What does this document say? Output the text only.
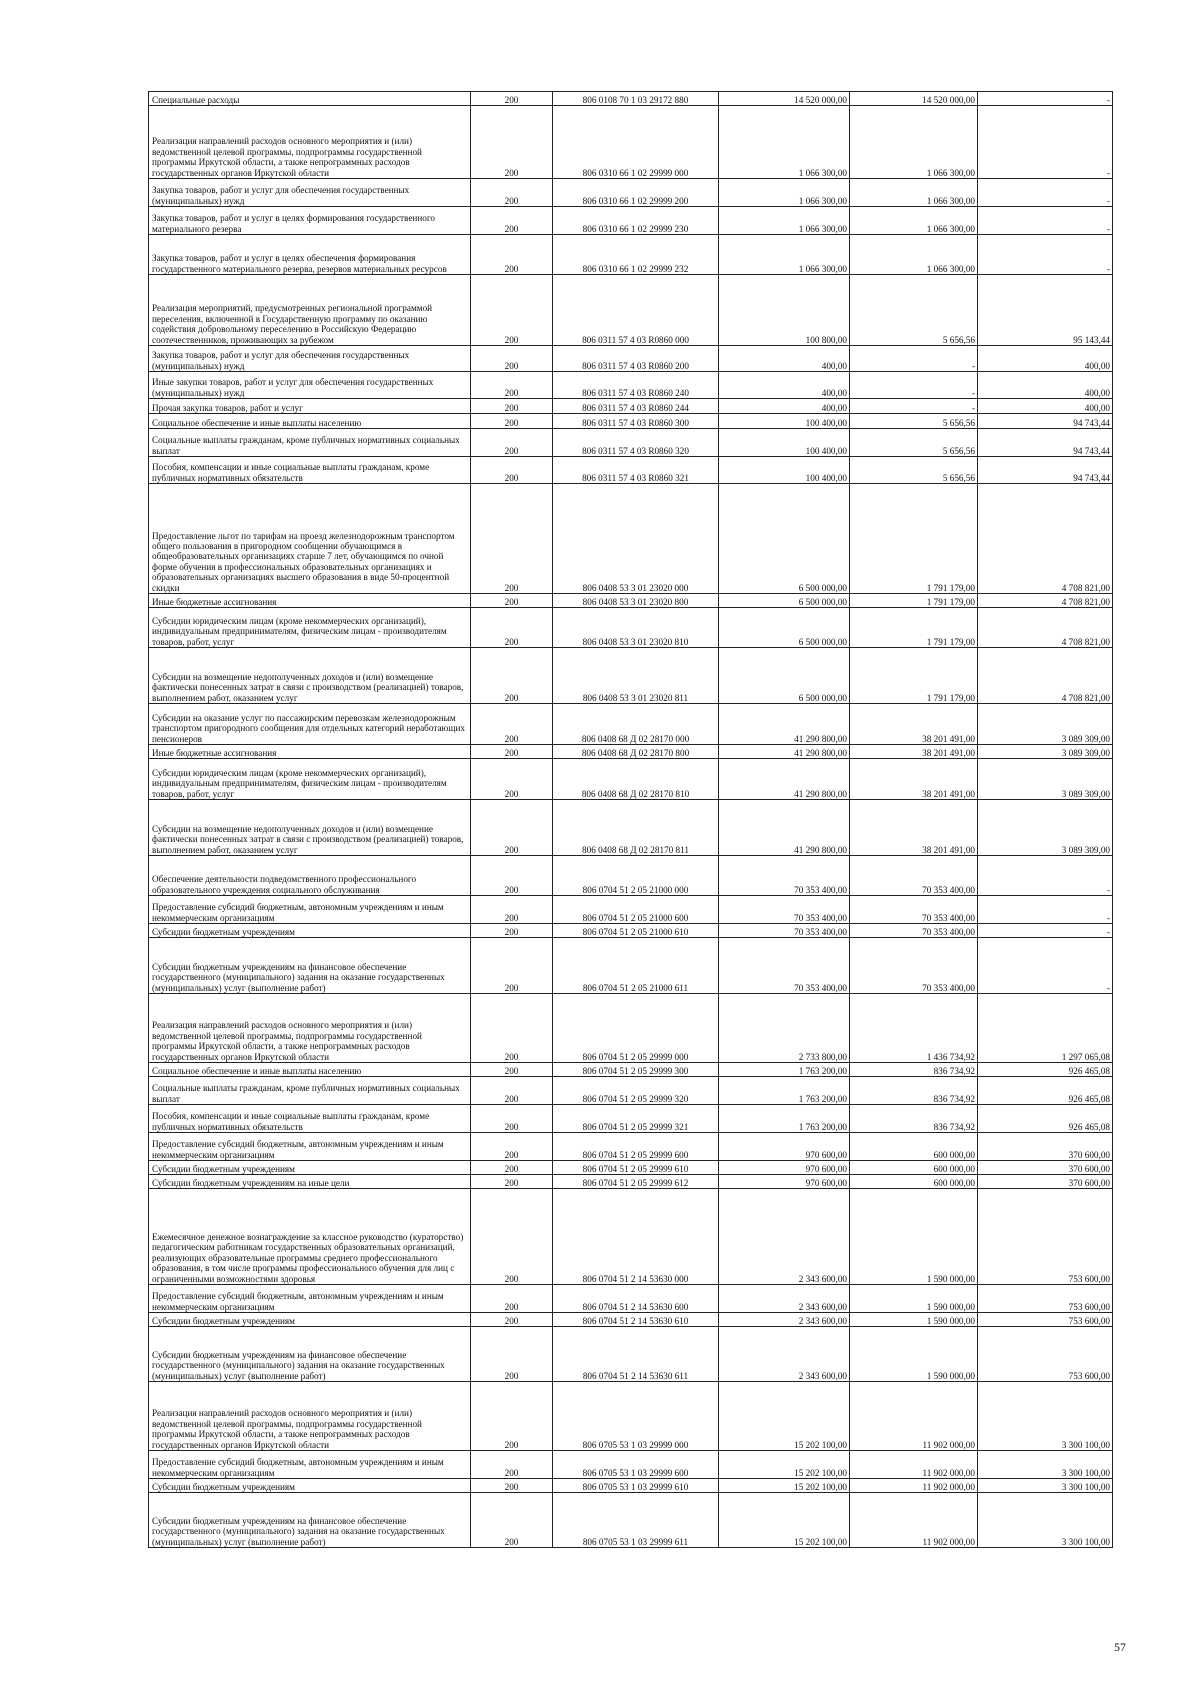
Специальные расходы	200	806 0108 70 1 03 29172 880	14 520 000,00	14 520 000,00	-
Реализация направлений расходов основного мероприятия и (или) ведомственной целевой программы, подпрограммы государственной программы Иркутской области, а также непрограммных расходов государственных органов Иркутской области	200	806 0310 66 1 02 29999 000	1 066 300,00	1 066 300,00	-
Закупка товаров, работ и услуг для обеспечения государственных (муниципальных) нужд	200	806 0310 66 1 02 29999 200	1 066 300,00	1 066 300,00	-
Закупка товаров, работ и услуг в целях формирования государственного материального резерва	200	806 0310 66 1 02 29999 230	1 066 300,00	1 066 300,00	-
Закупка товаров, работ и услуг в целях обеспечения формирования государственного материального резерва, резервов материальных ресурсов	200	806 0310 66 1 02 29999 232	1 066 300,00	1 066 300,00	-
Реализация мероприятий, предусмотренных региональной программой переселения, включенной в Государственную программу по оказанию содействия добровольному переселению в Российскую Федерацию соотечественников, проживающих за рубежом	200	806 0311 57 4 03 R0860 000	100 800,00	5 656,56	95 143,44
Закупка товаров, работ и услуг для обеспечения государственных (муниципальных) нужд	200	806 0311 57 4 03 R0860 200	400,00	-	400,00
Иные закупки товаров, работ и услуг для обеспечения государственных (муниципальных) нужд	200	806 0311 57 4 03 R0860 240	400,00	-	400,00
Прочая закупка товаров, работ и услуг	200	806 0311 57 4 03 R0860 244	400,00	-	400,00
Социальное обеспечение и иные выплаты населению	200	806 0311 57 4 03 R0860 300	100 400,00	5 656,56	94 743,44
Социальные выплаты гражданам, кроме публичных нормативных социальных выплат	200	806 0311 57 4 03 R0860 320	100 400,00	5 656,56	94 743,44
Пособия, компенсации и иные социальные выплаты гражданам, кроме публичных нормативных обязательств	200	806 0311 57 4 03 R0860 321	100 400,00	5 656,56	94 743,44
Предоставление льгот по тарифам на проезд железнодорожным транспортом общего пользования в пригородном сообщении обучающимся в общеобразовательных организациях старше 7 лет, обучающимся по очной форме обучения в профессиональных образовательных организациях и образовательных организациях высшего образования в виде 50-процентной скидки	200	806 0408 53 3 01 23020 000	6 500 000,00	1 791 179,00	4 708 821,00
Иные бюджетные ассигнования	200	806 0408 53 3 01 23020 800	6 500 000,00	1 791 179,00	4 708 821,00
Субсидии юридическим лицам (кроме некоммерческих организаций), индивидуальным предпринимателям, физическим лицам - производителям товаров, работ, услуг	200	806 0408 53 3 01 23020 810	6 500 000,00	1 791 179,00	4 708 821,00
Субсидии на возмещение недополученных доходов и (или) возмещение фактически понесенных затрат в связи с производством (реализацией) товаров, выполнением работ, оказанием услуг	200	806 0408 53 3 01 23020 811	6 500 000,00	1 791 179,00	4 708 821,00
Субсидии на оказание услуг по пассажирским перевозкам железнодорожным транспортом пригородного сообщения для отдельных категорий неработающих пенсионеров	200	806 0408 68 Д 02 28170 000	41 290 800,00	38 201 491,00	3 089 309,00
Иные бюджетные ассигнования	200	806 0408 68 Д 02 28170 800	41 290 800,00	38 201 491,00	3 089 309,00
Субсидии юридическим лицам (кроме некоммерческих организаций), индивидуальным предпринимателям, физическим лицам - производителям товаров, работ, услуг	200	806 0408 68 Д 02 28170 810	41 290 800,00	38 201 491,00	3 089 309,00
Субсидии на возмещение недополученных доходов и (или) возмещение фактически понесенных затрат в связи с производством (реализацией) товаров, выполнением работ, оказанием услуг	200	806 0408 68 Д 02 28170 811	41 290 800,00	38 201 491,00	3 089 309,00
Обеспечение деятельности подведомственного профессионального образовательного учреждения социального обслуживания	200	806 0704 51 2 05 21000 000	70 353 400,00	70 353 400,00	-
Предоставление субсидий бюджетным, автономным учреждениям и иным некоммерческим организациям	200	806 0704 51 2 05 21000 600	70 353 400,00	70 353 400,00	-
Субсидии бюджетным учреждениям	200	806 0704 51 2 05 21000 610	70 353 400,00	70 353 400,00	-
Субсидии бюджетным учреждениям на финансовое обеспечение государственного (муниципального) задания на оказание государственных (муниципальных) услуг (выполнение работ)	200	806 0704 51 2 05 21000 611	70 353 400,00	70 353 400,00	-
Реализация направлений расходов основного мероприятия и (или) ведомственной целевой программы, подпрограммы государственной программы Иркутской области, а также непрограммных расходов государственных органов Иркутской области	200	806 0704 51 2 05 29999 000	2 733 800,00	1 436 734,92	1 297 065,08
Социальное обеспечение и иные выплаты населению	200	806 0704 51 2 05 29999 300	1 763 200,00	836 734,92	926 465,08
Социальные выплаты гражданам, кроме публичных нормативных социальных выплат	200	806 0704 51 2 05 29999 320	1 763 200,00	836 734,92	926 465,08
Пособия, компенсации и иные социальные выплаты гражданам, кроме публичных нормативных обязательств	200	806 0704 51 2 05 29999 321	1 763 200,00	836 734,92	926 465,08
Предоставление субсидий бюджетным, автономным учреждениям и иным некоммерческим организациям	200	806 0704 51 2 05 29999 600	970 600,00	600 000,00	370 600,00
Субсидии бюджетным учреждениям	200	806 0704 51 2 05 29999 610	970 600,00	600 000,00	370 600,00
Субсидии бюджетным учреждениям на иные цели	200	806 0704 51 2 05 29999 612	970 600,00	600 000,00	370 600,00
Ежемесячное денежное вознаграждение за классное руководство (кураторство) педагогическим работникам государственных образовательных организаций, реализующих образовательные программы среднего профессионального образования, в том числе программы профессионального обучения для лиц с ограниченными возможностями здоровья	200	806 0704 51 2 14 53630 000	2 343 600,00	1 590 000,00	753 600,00
Предоставление субсидий бюджетным, автономным учреждениям и иным некоммерческим организациям	200	806 0704 51 2 14 53630 600	2 343 600,00	1 590 000,00	753 600,00
Субсидии бюджетным учреждениям	200	806 0704 51 2 14 53630 610	2 343 600,00	1 590 000,00	753 600,00
Субсидии бюджетным учреждениям на финансовое обеспечение государственного (муниципального) задания на оказание государственных (муниципальных) услуг (выполнение работ)	200	806 0704 51 2 14 53630 611	2 343 600,00	1 590 000,00	753 600,00
Реализация направлений расходов основного мероприятия и (или) ведомственной целевой программы, подпрограммы государственной программы Иркутской области, а также непрограммных расходов государственных органов Иркутской области	200	806 0705 53 1 03 29999 000	15 202 100,00	11 902 000,00	3 300 100,00
Предоставление субсидий бюджетным, автономным учреждениям и иным некоммерческим организациям	200	806 0705 53 1 03 29999 600	15 202 100,00	11 902 000,00	3 300 100,00
Субсидии бюджетным учреждениям	200	806 0705 53 1 03 29999 610	15 202 100,00	11 902 000,00	3 300 100,00
Субсидии бюджетным учреждениям на финансовое обеспечение государственного (муниципального) задания на оказание государственных (муниципальных) услуг (выполнение работ)	200	806 0705 53 1 03 29999 611	15 202 100,00	11 902 000,00	3 300 100,00
57
